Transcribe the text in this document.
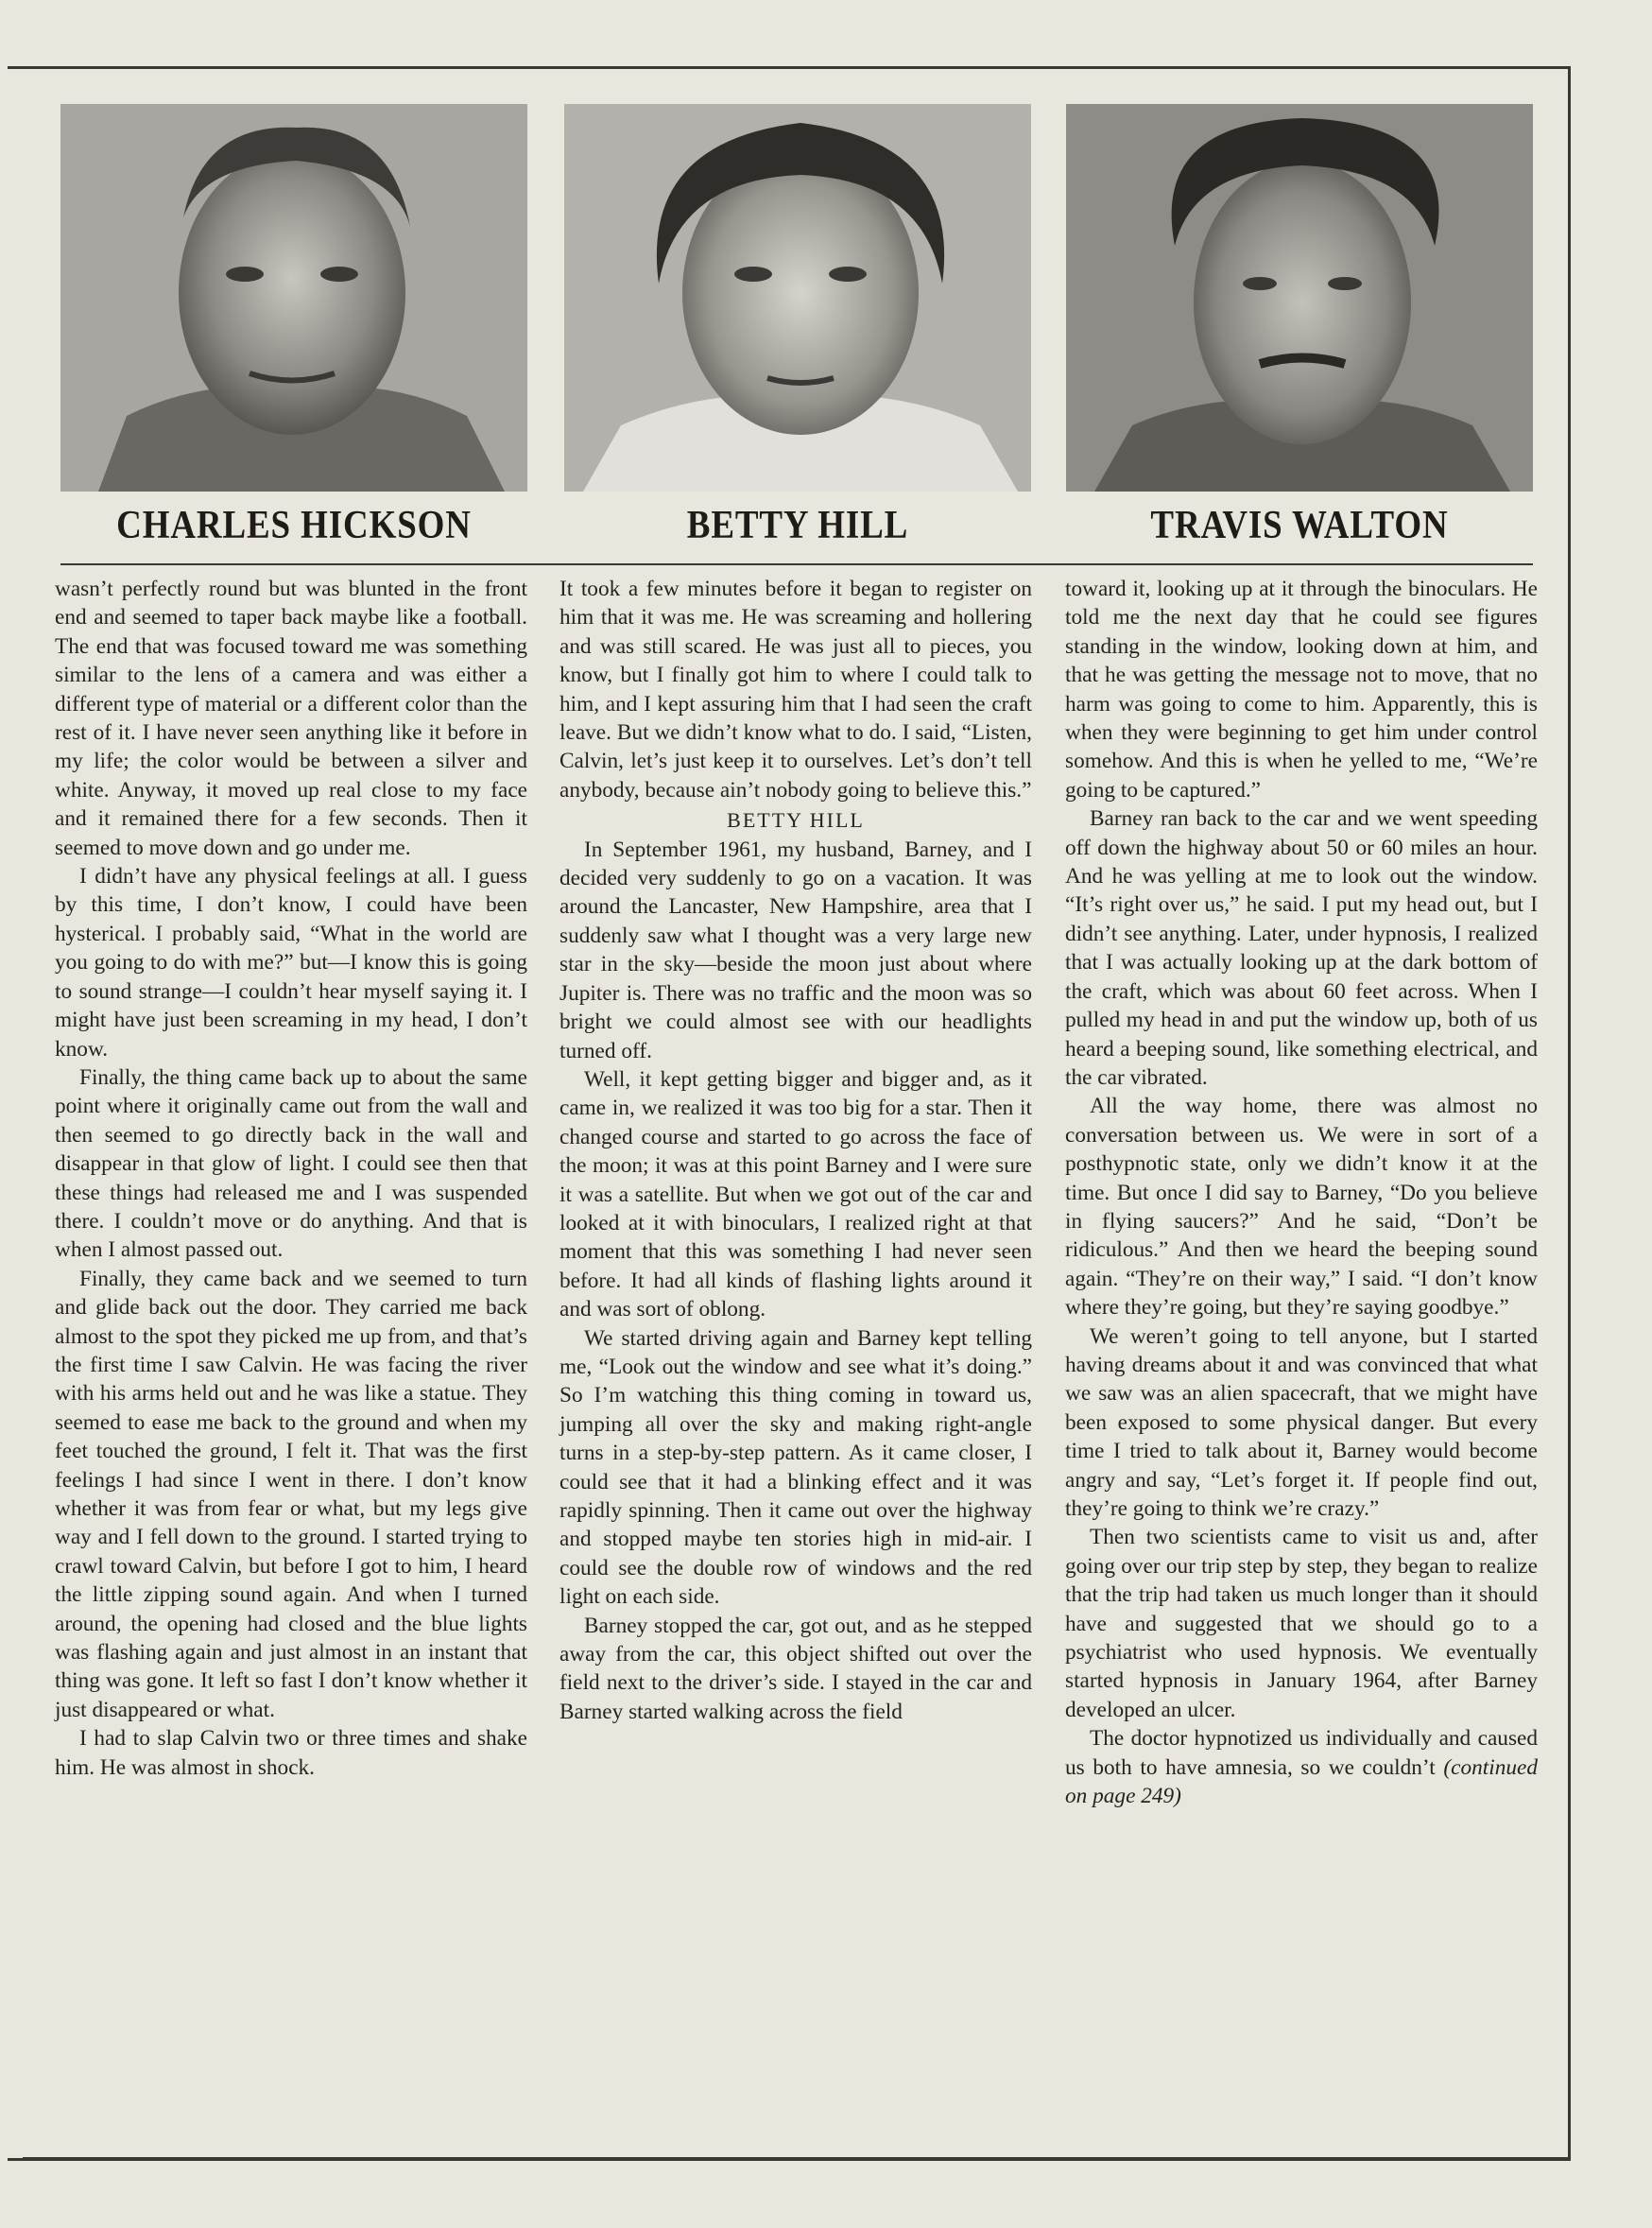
CHARLES HICKSON	BETTY HILL	TRAVIS WALTON

wasn’t perfectly round but was blunted in the front end and seemed to taper back maybe like a football. The end that was focused toward me was something similar to the lens of a camera and was either a different type of material or a different color than the rest of it. I have never seen anything like it before in my life; the color would be between a silver and white. Anyway, it moved up real close to my face and it remained there for a few seconds. Then it seemed to move down and go under me.

I didn’t have any physical feelings at all. I guess by this time, I don’t know, I could have been hysterical. I probably said, “What in the world are you going to do with me?” but—I know this is going to sound strange—I couldn’t hear myself saying it. I might have just been screaming in my head, I don’t know.

Finally, the thing came back up to about the same point where it originally came out from the wall and then seemed to go directly back in the wall and disappear in that glow of light. I could see then that these things had released me and I was suspended there. I couldn’t move or do anything. And that is when I almost passed out.

Finally, they came back and we seemed to turn and glide back out the door. They carried me back almost to the spot they picked me up from, and that’s the first time I saw Calvin. He was facing the river with his arms held out and he was like a statue. They seemed to ease me back to the ground and when my feet touched the ground, I felt it. That was the first feelings I had since I went in there. I don’t know whether it was from fear or what, but my legs give way and I fell down to the ground. I started trying to crawl toward Calvin, but before I got to him, I heard the little zipping sound again. And when I turned around, the opening had closed and the blue lights was flashing again and just almost in an instant that thing was gone. It left so fast I don’t know whether it just disappeared or what.

I had to slap Calvin two or three times and shake him. He was almost in shock.

It took a few minutes before it began to register on him that it was me. He was screaming and hollering and was still scared. He was just all to pieces, you know, but I finally got him to where I could talk to him, and I kept assuring him that I had seen the craft leave. But we didn’t know what to do. I said, “Listen, Calvin, let’s just keep it to ourselves. Let’s don’t tell anybody, because ain’t nobody going to believe this.”

BETTY HILL

In September 1961, my husband, Barney, and I decided very suddenly to go on a vacation. It was around the Lancaster, New Hampshire, area that I suddenly saw what I thought was a very large new star in the sky—beside the moon just about where Jupiter is. There was no traffic and the moon was so bright we could almost see with our headlights turned off.

Well, it kept getting bigger and bigger and, as it came in, we realized it was too big for a star. Then it changed course and started to go across the face of the moon; it was at this point Barney and I were sure it was a satellite. But when we got out of the car and looked at it with binoculars, I realized right at that moment that this was something I had never seen before. It had all kinds of flashing lights around it and was sort of oblong.

We started driving again and Barney kept telling me, “Look out the window and see what it’s doing.” So I’m watching this thing coming in toward us, jumping all over the sky and making right-angle turns in a step-by-step pattern. As it came closer, I could see that it had a blinking effect and it was rapidly spinning. Then it came out over the highway and stopped maybe ten stories high in mid-air. I could see the double row of windows and the red light on each side.

Barney stopped the car, got out, and as he stepped away from the car, this object shifted out over the field next to the driver’s side. I stayed in the car and Barney started walking across the field

toward it, looking up at it through the binoculars. He told me the next day that he could see figures standing in the window, looking down at him, and that he was getting the message not to move, that no harm was going to come to him. Apparently, this is when they were beginning to get him under control somehow. And this is when he yelled to me, “We’re going to be captured.”

Barney ran back to the car and we went speeding off down the highway about 50 or 60 miles an hour. And he was yelling at me to look out the window. “It’s right over us,” he said. I put my head out, but I didn’t see anything. Later, under hypnosis, I realized that I was actually looking up at the dark bottom of the craft, which was about 60 feet across. When I pulled my head in and put the window up, both of us heard a beeping sound, like something electrical, and the car vibrated.

All the way home, there was almost no conversation between us. We were in sort of a posthypnotic state, only we didn’t know it at the time. But once I did say to Barney, “Do you believe in flying saucers?” And he said, “Don’t be ridiculous.” And then we heard the beeping sound again. “They’re on their way,” I said. “I don’t know where they’re going, but they’re saying goodbye.”

We weren’t going to tell anyone, but I started having dreams about it and was convinced that what we saw was an alien spacecraft, that we might have been exposed to some physical danger. But every time I tried to talk about it, Barney would become angry and say, “Let’s forget it. If people find out, they’re going to think we’re crazy.”

Then two scientists came to visit us and, after going over our trip step by step, they began to realize that the trip had taken us much longer than it should have and suggested that we should go to a psychiatrist who used hypnosis. We eventually started hypnosis in January 1964, after Barney developed an ulcer.

The doctor hypnotized us individually and caused us both to have amnesia, so we couldn’t (continued on page 249)
